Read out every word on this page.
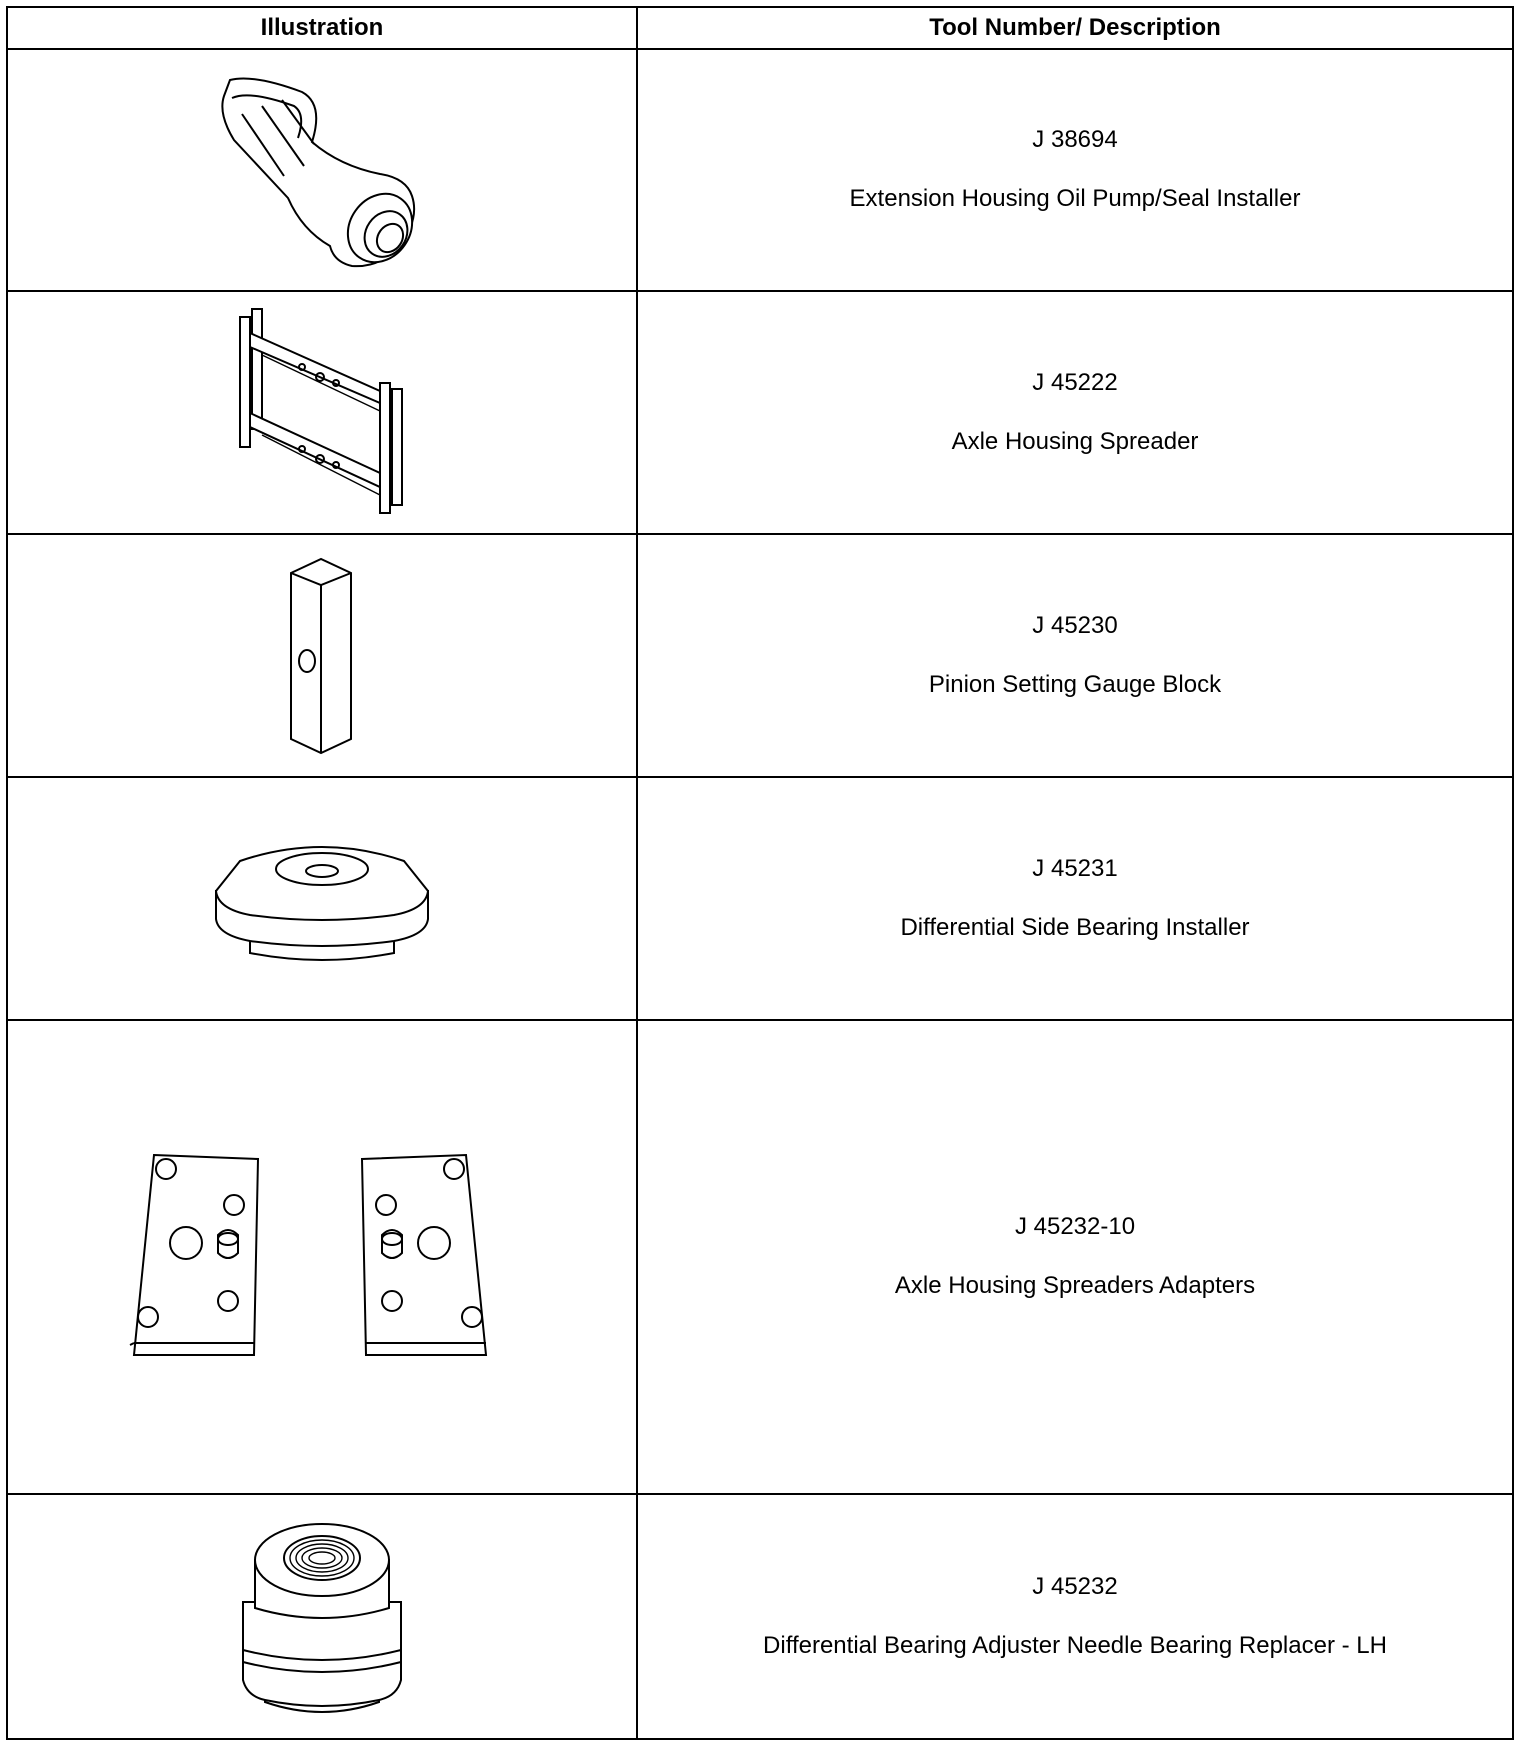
Illustration	Tool Number/ Description

J 38694
Extension Housing Oil Pump/Seal Installer

J 45222
Axle Housing Spreader

J 45230
Pinion Setting Gauge Block

J 45231
Differential Side Bearing Installer

J 45232-10
Axle Housing Spreaders Adapters

J 45232
Differential Bearing Adjuster Needle Bearing Replacer - LH
